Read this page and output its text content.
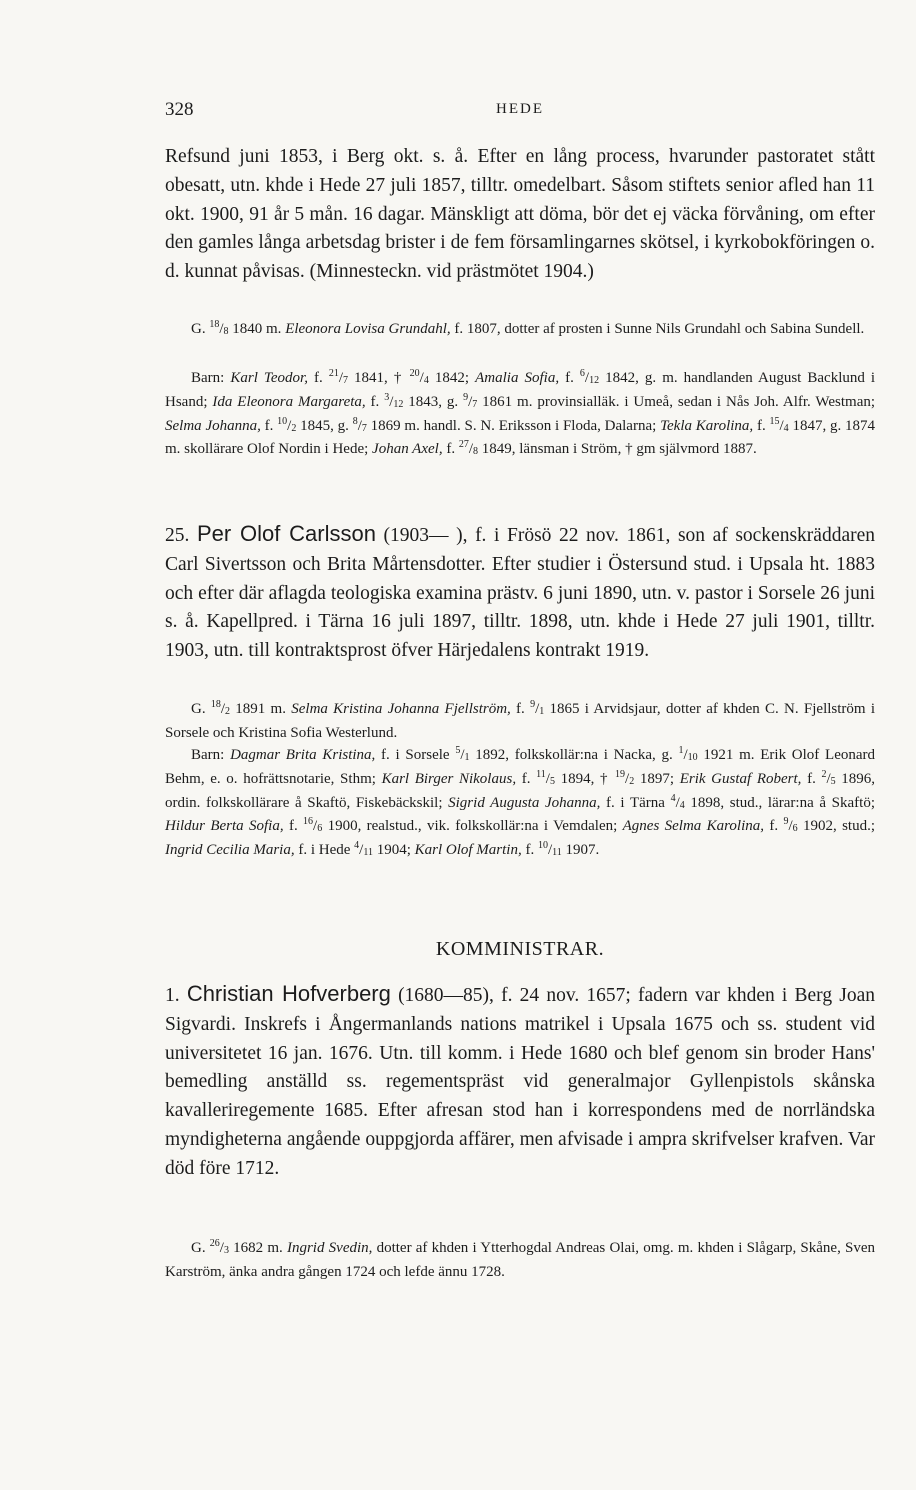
328	HEDE
Refsund juni 1853, i Berg okt. s. å. Efter en lång process, hvarunder pastoratet stått obesatt, utn. khde i Hede 27 juli 1857, tilltr. omedelbart. Såsom stiftets senior afled han 11 okt. 1900, 91 år 5 mån. 16 dagar. Mänskligt att döma, bör det ej väcka förvåning, om efter den gamles långa arbetsdag brister i de fem församlingarnes skötsel, i kyrkobokföringen o. d. kunnat påvisas. (Minnesteckn. vid prästmötet 1904.)
G. $^{18}/_8$ 1840 m. Eleonora Lovisa Grundahl, f. 1807, dotter af prosten i Sunne Nils Grundahl och Sabina Sundell.
Barn: Karl Teodor, f. $^{21}/_7$ 1841, † $^{20}/_4$ 1842; Amalia Sofia, f. $^6/_{12}$ 1842, g. m. handlanden August Backlund i Hsand; Ida Eleonora Margareta, f. $^3/_{12}$ 1843, g. $^9/_7$ 1861 m. provinsialläk. i Umeå, sedan i Nås Joh. Alfr. Westman; Selma Johanna, f. $^{10}/_2$ 1845, g. $^8/_7$ 1869 m. handl. S. N. Eriksson i Floda, Dalarna; Tekla Karolina, f. $^{15}/_4$ 1847, g. 1874 m. skollärare Olof Nordin i Hede; Johan Axel, f. $^{27}/_8$ 1849, länsman i Ström, † gm självmord 1887.
25. Per Olof Carlsson (1903— ), f. i Frösö 22 nov. 1861, son af sockenskräddaren Carl Sivertsson och Brita Mårtensdotter. Efter studier i Östersund stud. i Upsala ht. 1883 och efter där aflagda teologiska examina prästv. 6 juni 1890, utn. v. pastor i Sorsele 26 juni s. å. Kapellpred. i Tärna 16 juli 1897, tilltr. 1898, utn. khde i Hede 27 juli 1901, tilltr. 1903, utn. till kontraktsprost öfver Härjedalens kontrakt 1919.
G. $^{18}/_2$ 1891 m. Selma Kristina Johanna Fjellström, f. $^9/_1$ 1865 i Arvidsjaur, dotter af khden C. N. Fjellström i Sorsele och Kristina Sofia Westerlund.
Barn: Dagmar Brita Kristina, f. i Sorsele $^5/_1$ 1892, folkskollär:na i Nacka, g. $^1/_{10}$ 1921 m. Erik Olof Leonard Behm, e. o. hofrättsnotarie, Sthm; Karl Birger Nikolaus, f. $^{11}/_5$ 1894, † $^{19}/_2$ 1897; Erik Gustaf Robert, f. $^2/_5$ 1896, ordin. folkskollärare å Skaftö, Fiskebäckskil; Sigrid Augusta Johanna, f. i Tärna $^4/_4$ 1898, stud., lärar:na å Skaftö; Hildur Berta Sofia, f. $^{16}/_6$ 1900, realstud., vik. folkskollär:na i Vemdalen; Agnes Selma Karolina, f. $^9/_6$ 1902, stud.; Ingrid Cecilia Maria, f. i Hede $^4/_{11}$ 1904; Karl Olof Martin, f. $^{10}/_{11}$ 1907.
KOMMINISTRAR.
1. Christian Hofverberg (1680—85), f. 24 nov. 1657; fadern var khden i Berg Joan Sigvardi. Inskrefs i Ångermanlands nations matrikel i Upsala 1675 och ss. student vid universitetet 16 jan. 1676. Utn. till komm. i Hede 1680 och blef genom sin broder Hans' bemedling anställd ss. regementspräst vid generalmajor Gyllenpistols skånska kavalleriregemente 1685. Efter afresan stod han i korrespondens med de norrländska myndigheterna angående ouppgjorda affärer, men afvisade i ampra skrifvelser krafven. Var död före 1712.
G. $^{26}/_3$ 1682 m. Ingrid Svedin, dotter af khden i Ytterhogdal Andreas Olai, omg. m. khden i Slågarp, Skåne, Sven Karström, änka andra gången 1724 och lefde ännu 1728.
